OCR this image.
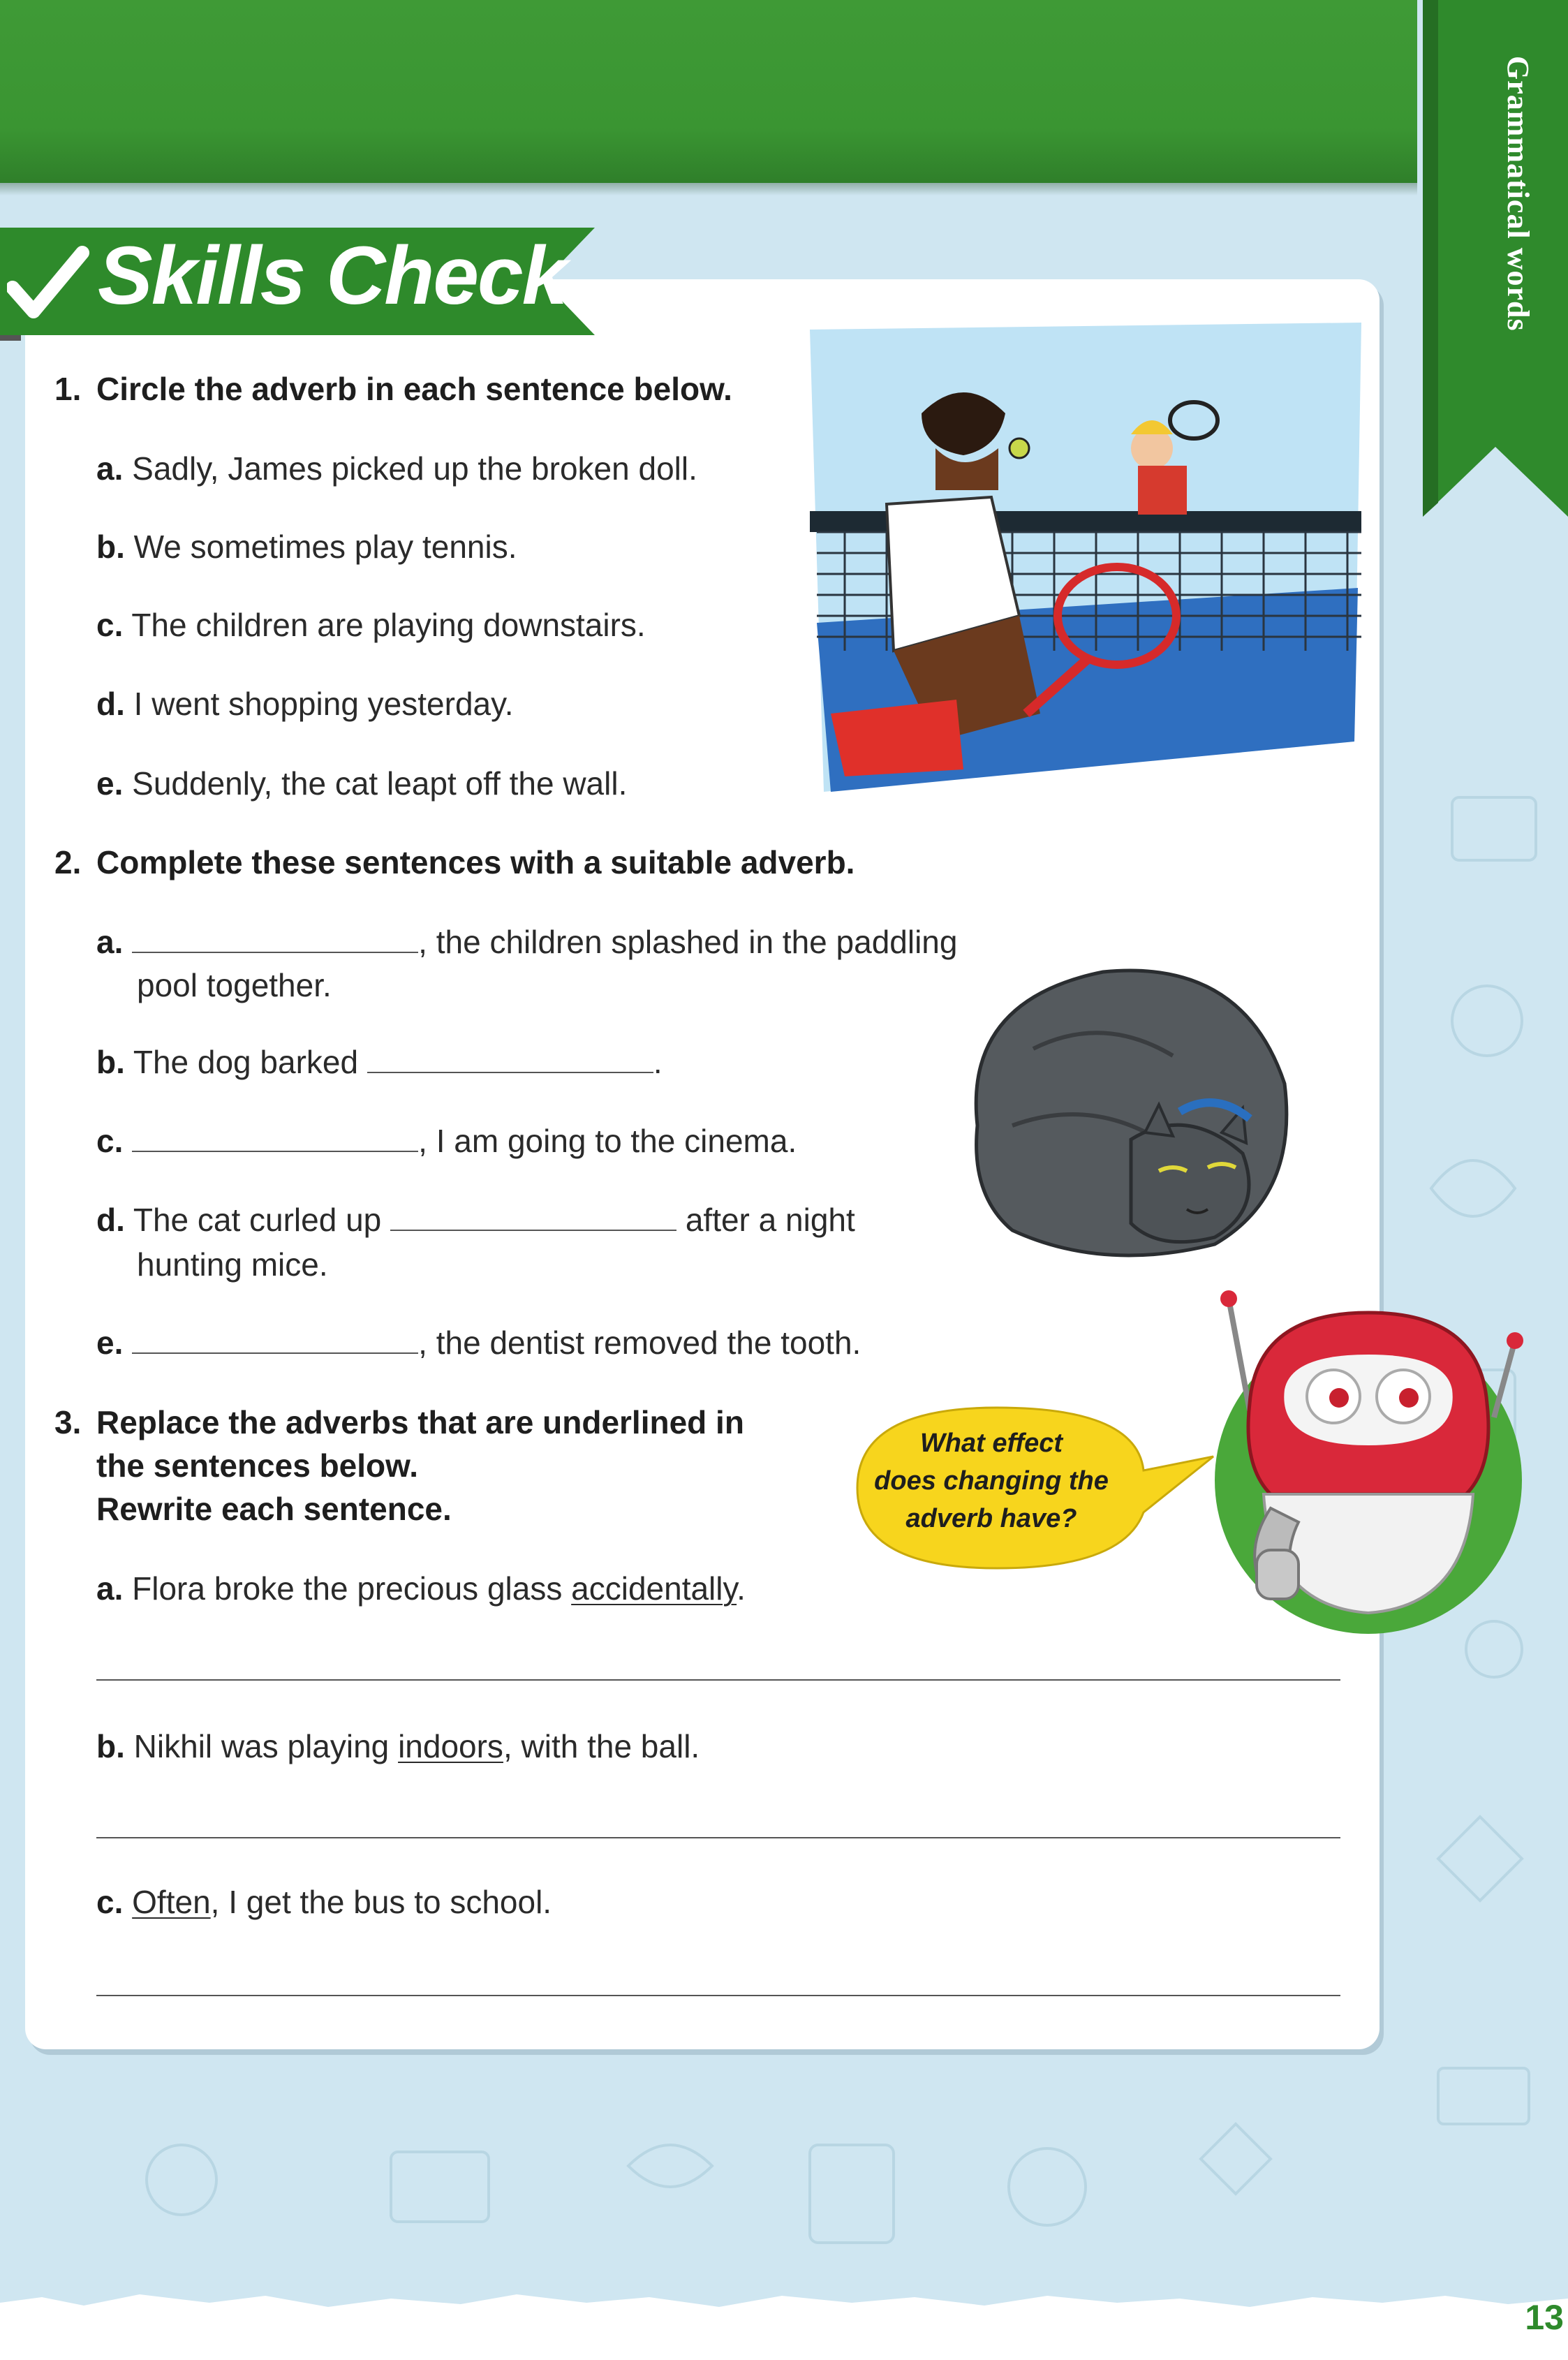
Grammatical words
Skills Check
1. Circle the adverb in each sentence below.
a. Sadly, James picked up the broken doll.
b. We sometimes play tennis.
c. The children are playing downstairs.
d. I went shopping yesterday.
e. Suddenly, the cat leapt off the wall.
2. Complete these sentences with a suitable adverb.
a.	, the children splashed in the paddling
pool together.
b. The dog barked	.
c.	, I am going to the cinema.
d. The cat curled up	after a night
hunting mice.
e.	, the dentist removed the tooth.
3. Replace the adverbs that are underlined in
the sentences below.
Rewrite each sentence.
a. Flora broke the precious glass accidentally.
b. Nikhil was playing indoors, with the ball.
c. Often, I get the bus to school.
What effect
does changing the
adverb have?
13
